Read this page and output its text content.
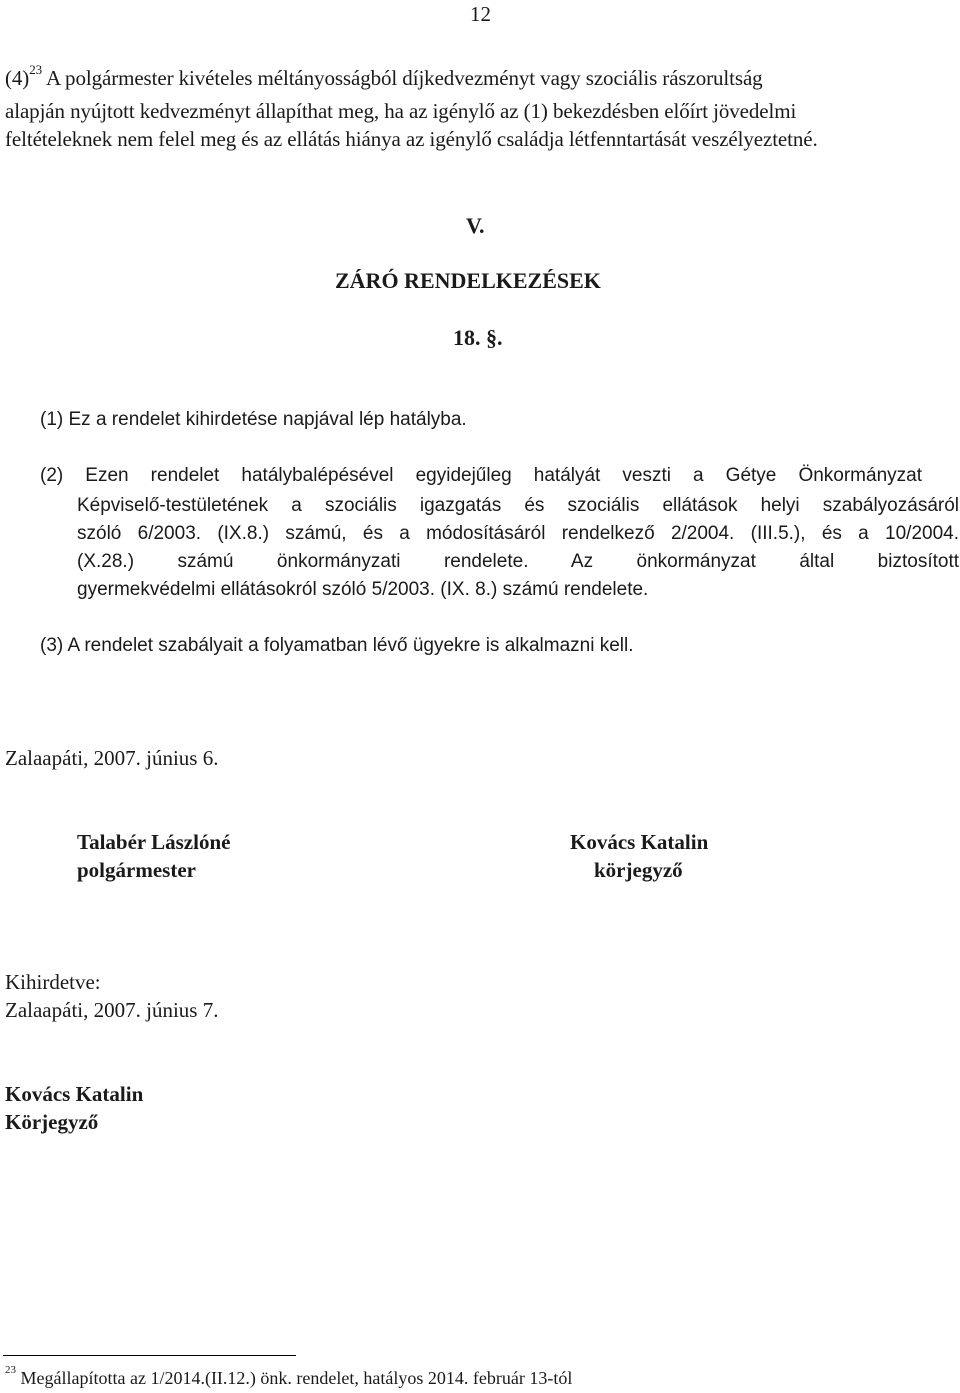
12
$(4)^{23}$ A polgármester kivételes méltányosságból díjkedvezményt vagy szociális rászorultság
alapján nyújtott kedvezményt állapíthat meg, ha az igénylő az (1) bekezdésben előírt jövedelmi
feltételeknek nem felel meg és az ellátás hiánya az igénylő családja létfenntartását veszélyeztetné.
V.
ZÁRÓ RENDELKEZÉSEK
18. §.
(1) Ez a rendelet kihirdetése napjával lép hatályba.
(2) Ezen rendelet hatálybalépésével egyidejűleg hatályát veszti a Gétye Önkormányzat
Képviselő-testületének a szociális igazgatás és szociális ellátások helyi szabályozásáról
szóló 6/2003. (IX.8.) számú, és a módosításáról rendelkező 2/2004. (III.5.), és a 10/2004.
(X.28.) számú önkormányzati rendelete. Az önkormányzat által biztosított
gyermekvédelmi ellátásokról szóló 5/2003. (IX. 8.) számú rendelete.
(3) A rendelet szabályait a folyamatban lévő ügyekre is alkalmazni kell.
Zalaapáti, 2007. június 6.
Talabér Lászlóné
polgármester
Kovács Katalin
körjegyző
Kihirdetve:
Zalaapáti, 2007. június 7.
Kovács Katalin
Körjegyző
$^{23}$ Megállapította az 1/2014.(II.12.) önk. rendelet, hatályos 2014. február 13-tól
